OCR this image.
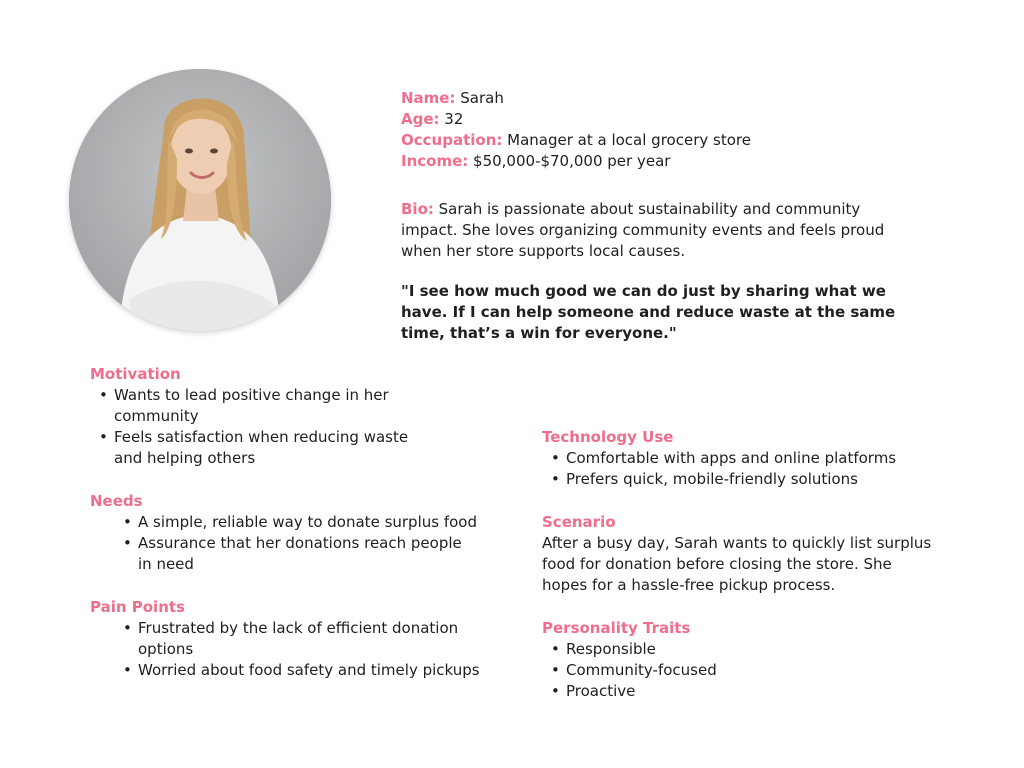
Name: Sarah
Age: 32
Occupation: Manager at a local grocery store
Income: $50,000-$70,000 per year
Bio: Sarah is passionate about sustainability and community impact. She loves organizing community events and feels proud when her store supports local causes.
"I see how much good we can do just by sharing what we have. If I can help someone and reduce waste at the same time, that’s a win for everyone."
Motivation
• Wants to lead positive change in her community
• Feels satisfaction when reducing waste and helping others
Needs
• A simple, reliable way to donate surplus food
• Assurance that her donations reach people in need
Pain Points
• Frustrated by the lack of efficient donation options
• Worried about food safety and timely pickups
Technology Use
• Comfortable with apps and online platforms
• Prefers quick, mobile-friendly solutions
Scenario

After a busy day, Sarah wants to quickly list surplus food for donation before closing the store. She hopes for a hassle-free pickup process.

Personality Traits
• Responsible
• Community-focused
• Proactive
